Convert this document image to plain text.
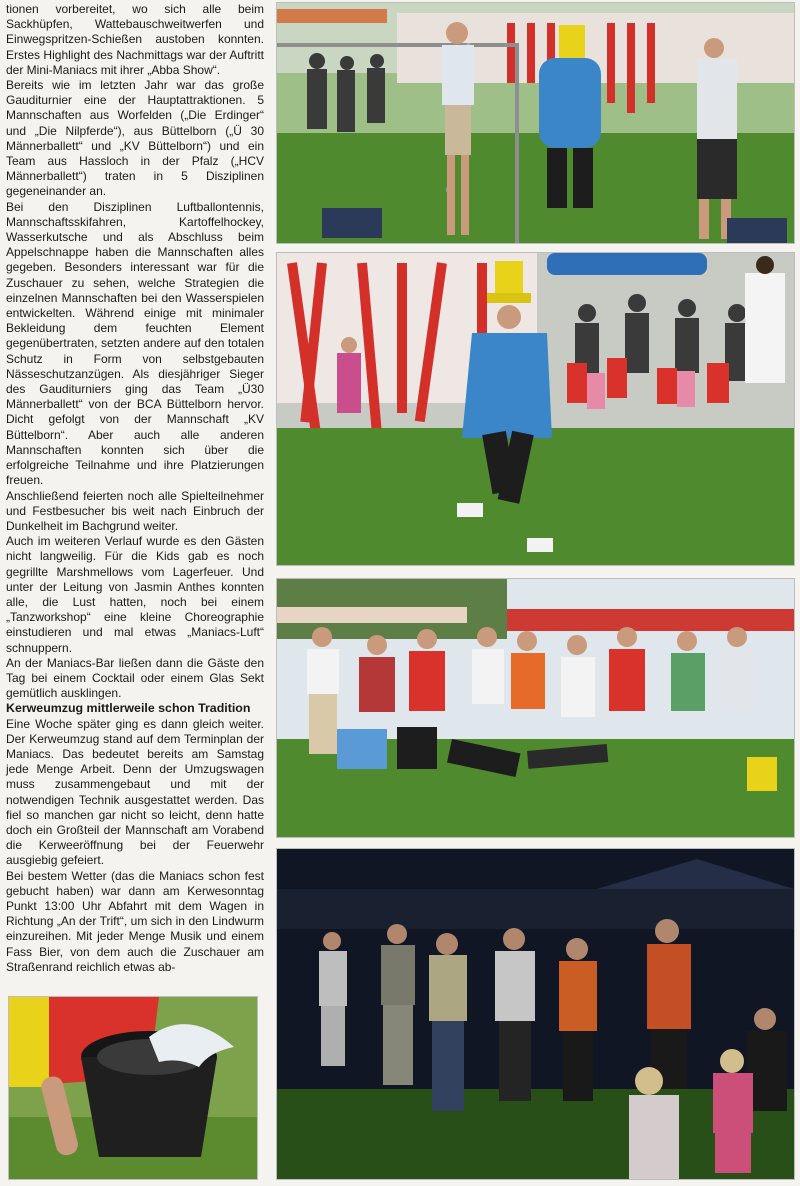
tionen vorbereitet, wo sich alle beim Sackhüpfen, Wattebauschweitwerfen und Einwegspritzen-Schießen austoben konnten. Erstes Highlight des Nachmittags war der Auftritt der Mini-Maniacs mit ihrer „Abba Show“.

Bereits wie im letzten Jahr war das große Gauditurnier eine der Hauptattraktionen. 5 Mannschaften aus Worfelden („Die Erdinger“ und „Die Nilpferde“), aus Büttelborn („Ü 30 Männerballett“ und „KV Büttelborn“) und ein Team aus Hassloch in der Pfalz („HCV Männerballett“) traten in 5 Disziplinen gegeneinander an.

Bei den Disziplinen Luftballontennis, Mannschaftsskifahren, Kartoffelhockey, Wasserkutsche und als Abschluss beim Appelschnappe haben die Mannschaften alles gegeben. Besonders interessant war für die Zuschauer zu sehen, welche Strategien die einzelnen Mannschaften bei den Wasserspielen entwickelten. Während einige mit minimaler Bekleidung dem feuchten Element gegenübertraten, setzten andere auf den totalen Schutz in Form von selbstgebauten Nässeschutzanzügen. Als diesjähriger Sieger des Gauditurniers ging das Team „Ü30 Männerballett“ von der BCA Büttelborn hervor. Dicht gefolgt von der Mannschaft „KV Büttelborn“. Aber auch alle anderen Mannschaften konnten sich über die erfolgreiche Teilnahme und ihre Platzierungen freuen.

Anschließend feierten noch alle Spielteilnehmer und Festbesucher bis weit nach Einbruch der Dunkelheit im Bachgrund weiter.

Auch im weiteren Verlauf wurde es den Gästen nicht langweilig. Für die Kids gab es noch gegrillte Marshmellows vom Lagerfeuer. Und unter der Leitung von Jasmin Anthes konnten alle, die Lust hatten, noch bei einem „Tanzworkshop“ eine kleine Choreographie einstudieren und mal etwas „Maniacs-Luft“ schnuppern.

An der Maniacs-Bar ließen dann die Gäste den Tag bei einem Cocktail oder einem Glas Sekt gemütlich ausklingen.

Kerweumzug mittlerweile schon Tradition

Eine Woche später ging es dann gleich weiter. Der Kerweumzug stand auf dem Terminplan der Maniacs. Das bedeutet bereits am Samstag jede Menge Arbeit. Denn der Umzugswagen muss zusammengebaut und mit der notwendigen Technik ausgestattet werden. Das fiel so manchen gar nicht so leicht, denn hatte doch ein Großteil der Mannschaft am Vorabend die Kerweeröffnung bei der Feuerwehr ausgiebig gefeiert.

Bei bestem Wetter (das die Maniacs schon fest gebucht haben) war dann am Kerwesonntag Punkt 13:00 Uhr Abfahrt mit dem Wagen in Richtung „An der Trift“, um sich in den Lindwurm einzureihen. Mit jeder Menge Musik und einem Fass Bier, von dem auch die Zuschauer am Straßenrand reichlich etwas ab-
